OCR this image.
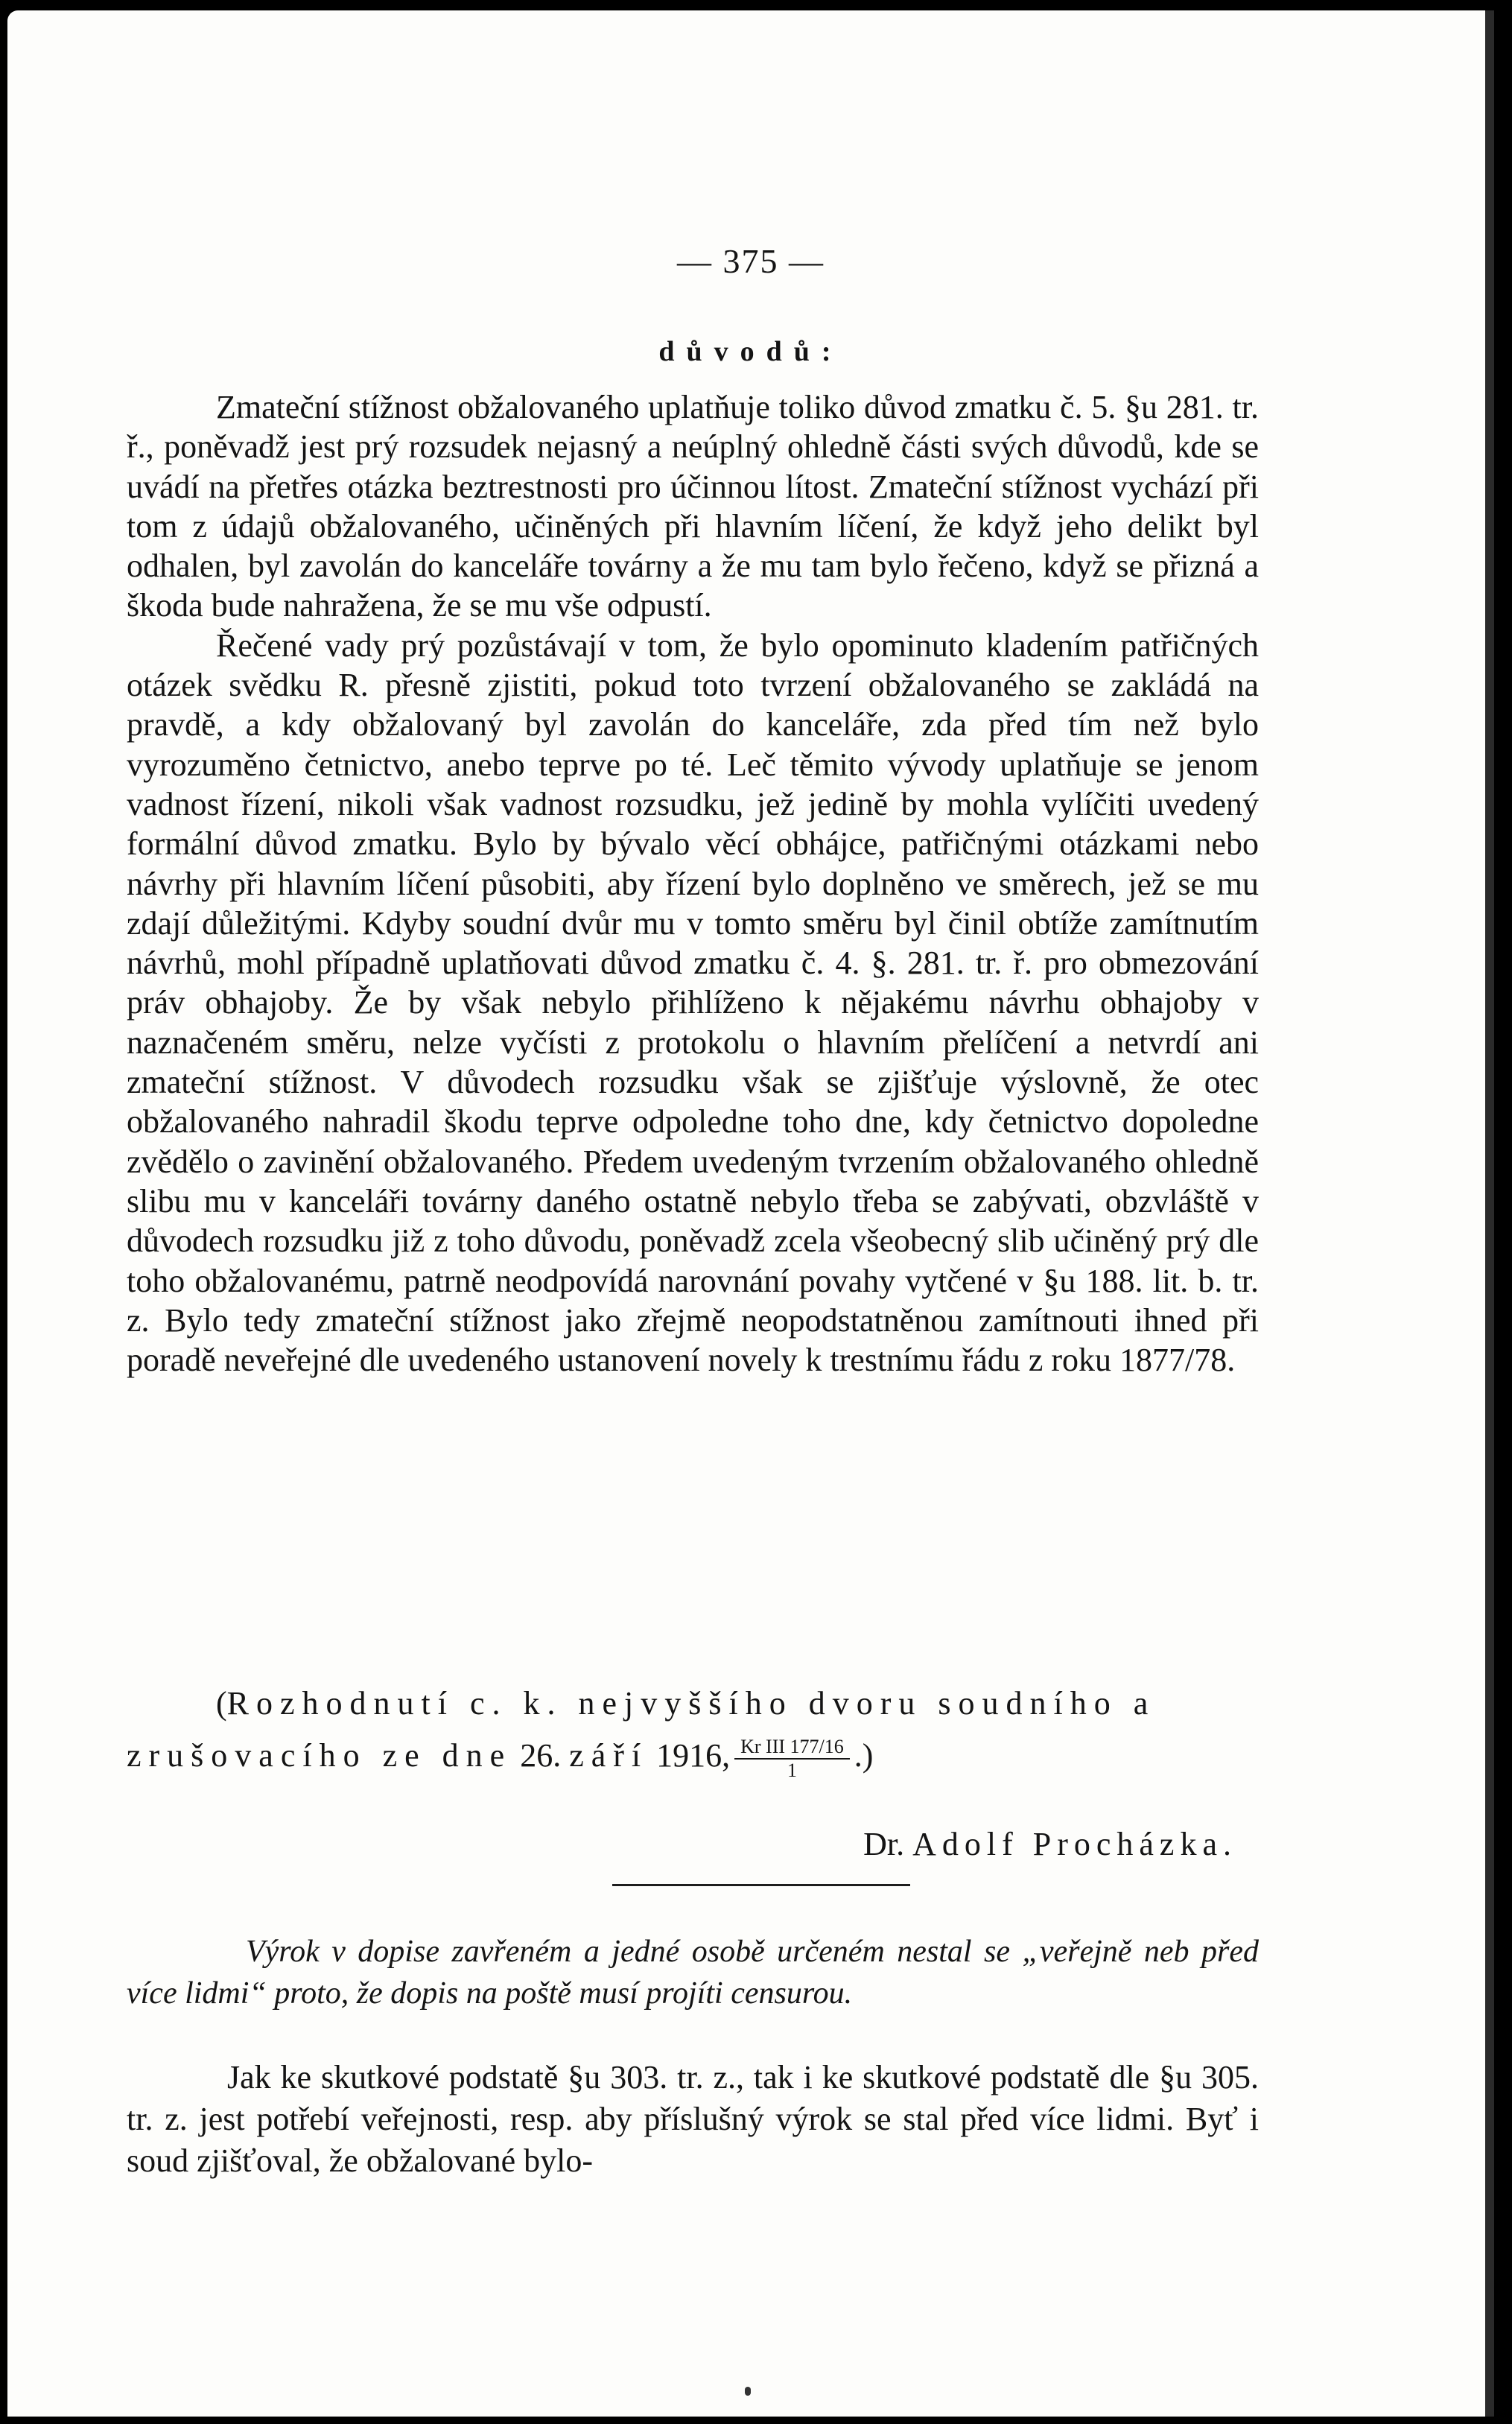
— 375 —
důvodů:

Zmateční stížnost obžalovaného uplatňuje toliko důvod zmatku č. 5. §u 281. tr. ř., poněvadž jest prý rozsudek nejasný a neúplný ohledně části svých důvodů, kde se uvádí na přetřes otázka beztrestnosti pro účinnou lítost. Zmateční stížnost vychází při tom z údajů obžalovaného, učiněných při hlavním líčení, že když jeho delikt byl odhalen, byl zavolán do kanceláře továrny a že mu tam bylo řečeno, když se přizná a škoda bude nahražena, že se mu vše odpustí.

Řečené vady prý pozůstávají v tom, že bylo opominuto kladením patřičných otázek svědku R. přesně zjistiti, pokud toto tvrzení obžalovaného se zakládá na pravdě, a kdy obžalovaný byl zavolán do kanceláře, zda před tím než bylo vyrozuměno četnictvo, anebo teprve po té. Leč těmito vývody uplatňuje se jenom vadnost řízení, nikoli však vadnost rozsudku, jež jedině by mohla vylíčiti uvedený formální důvod zmatku. Bylo by bývalo věcí obhájce, patřičnými otázkami nebo návrhy při hlavním líčení působiti, aby řízení bylo doplněno ve směrech, jež se mu zdají důležitými. Kdyby soudní dvůr mu v tomto směru byl činil obtíže zamítnutím návrhů, mohl případně uplatňovati důvod zmatku č. 4. §. 281. tr. ř. pro obmezování práv obhajoby. Že by však nebylo přihlíženo k nějakému návrhu obhajoby v naznačeném směru, nelze vyčísti z protokolu o hlavním přelíčení a netvrdí ani zmateční stížnost. V důvodech rozsudku však se zjišťuje výslovně, že otec obžalovaného nahradil škodu teprve odpoledne toho dne, kdy četnictvo dopoledne zvědělo o zavinění obžalovaného. Předem uvedeným tvrzením obžalovaného ohledně slibu mu v kanceláři továrny daného ostatně nebylo třeba se zabývati, obzvláště v důvodech rozsudku již z toho důvodu, poněvadž zcela všeobecný slib učiněný prý dle toho obžalovanému, patrně neodpovídá narovnání povahy vytčené v §u 188. lit. b. tr. z. Bylo tedy zmateční stížnost jako zřejmě neopodstatněnou zamítnouti ihned při poradě neveřejné dle uvedeného ustanovení novely k trestnímu řádu z roku 1877/78.

(Rozhodnutí c. k. nejvyššího dvoru soudního a
zrušovacího ze dne 26. září 1916, $\frac{\text{Kr III 177/16}}{1}$ .)
Dr. Adolf Procházka.

Výrok v dopise zavřeném a jedné osobě určeném nestal se „veřejně neb před více lidmi“ proto, že dopis na poště musí projíti censurou.

Jak ke skutkové podstatě §u 303. tr. z., tak i ke skutkové podstatě dle §u 305. tr. z. jest potřebí veřejnosti, resp. aby příslušný výrok se stal před více lidmi. Byť i soud zjišťoval, že obžalované bylo-
